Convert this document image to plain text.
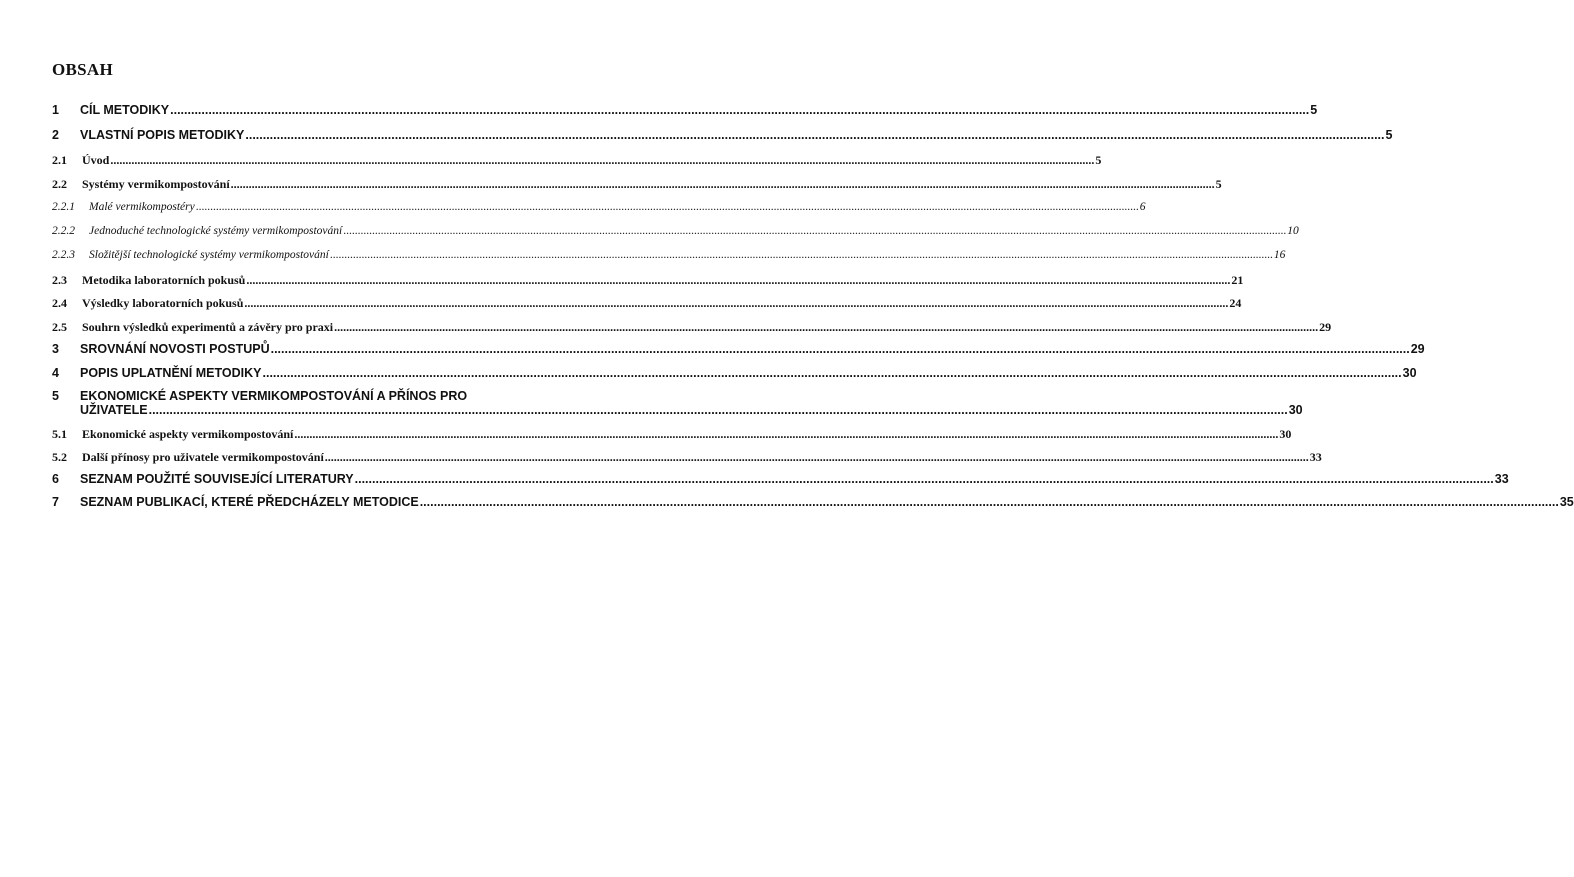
OBSAH
1	CÍL METODIKY .....	5
2	VLASTNÍ POPIS METODIKY .....	5
2.1	Úvod .....	5
2.2	Systémy vermikompostování .....	5
2.2.1	Malé vermikompostéry .....	6
2.2.2	Jednoduché technologické systémy vermikompostování .....	10
2.2.3	Složitější technologické systémy vermikompostování .....	16
2.3	Metodika laboratorních pokusů .....	21
2.4	Výsledky laboratorních pokusů .....	24
2.5	Souhrn výsledků experimentů a závěry pro praxi .....	29
3	SROVNÁNÍ NOVOSTI POSTUPŮ .....	29
4	POPIS UPLATNĚNÍ METODIKY .....	30
5	EKONOMICKÉ ASPEKTY VERMIKOMPOSTOVÁNÍ A PŘÍNOS PRO
UŽIVATELE .....	30
5.1	Ekonomické aspekty vermikompostování .....	30
5.2	Další přínosy pro uživatele vermikompostování .....	33
6	SEZNAM POUŽITÉ SOUVISEJÍCÍ LITERATURY .....	33
7	SEZNAM PUBLIKACÍ, KTERÉ PŘEDCHÁZELY METODICE .....	35
